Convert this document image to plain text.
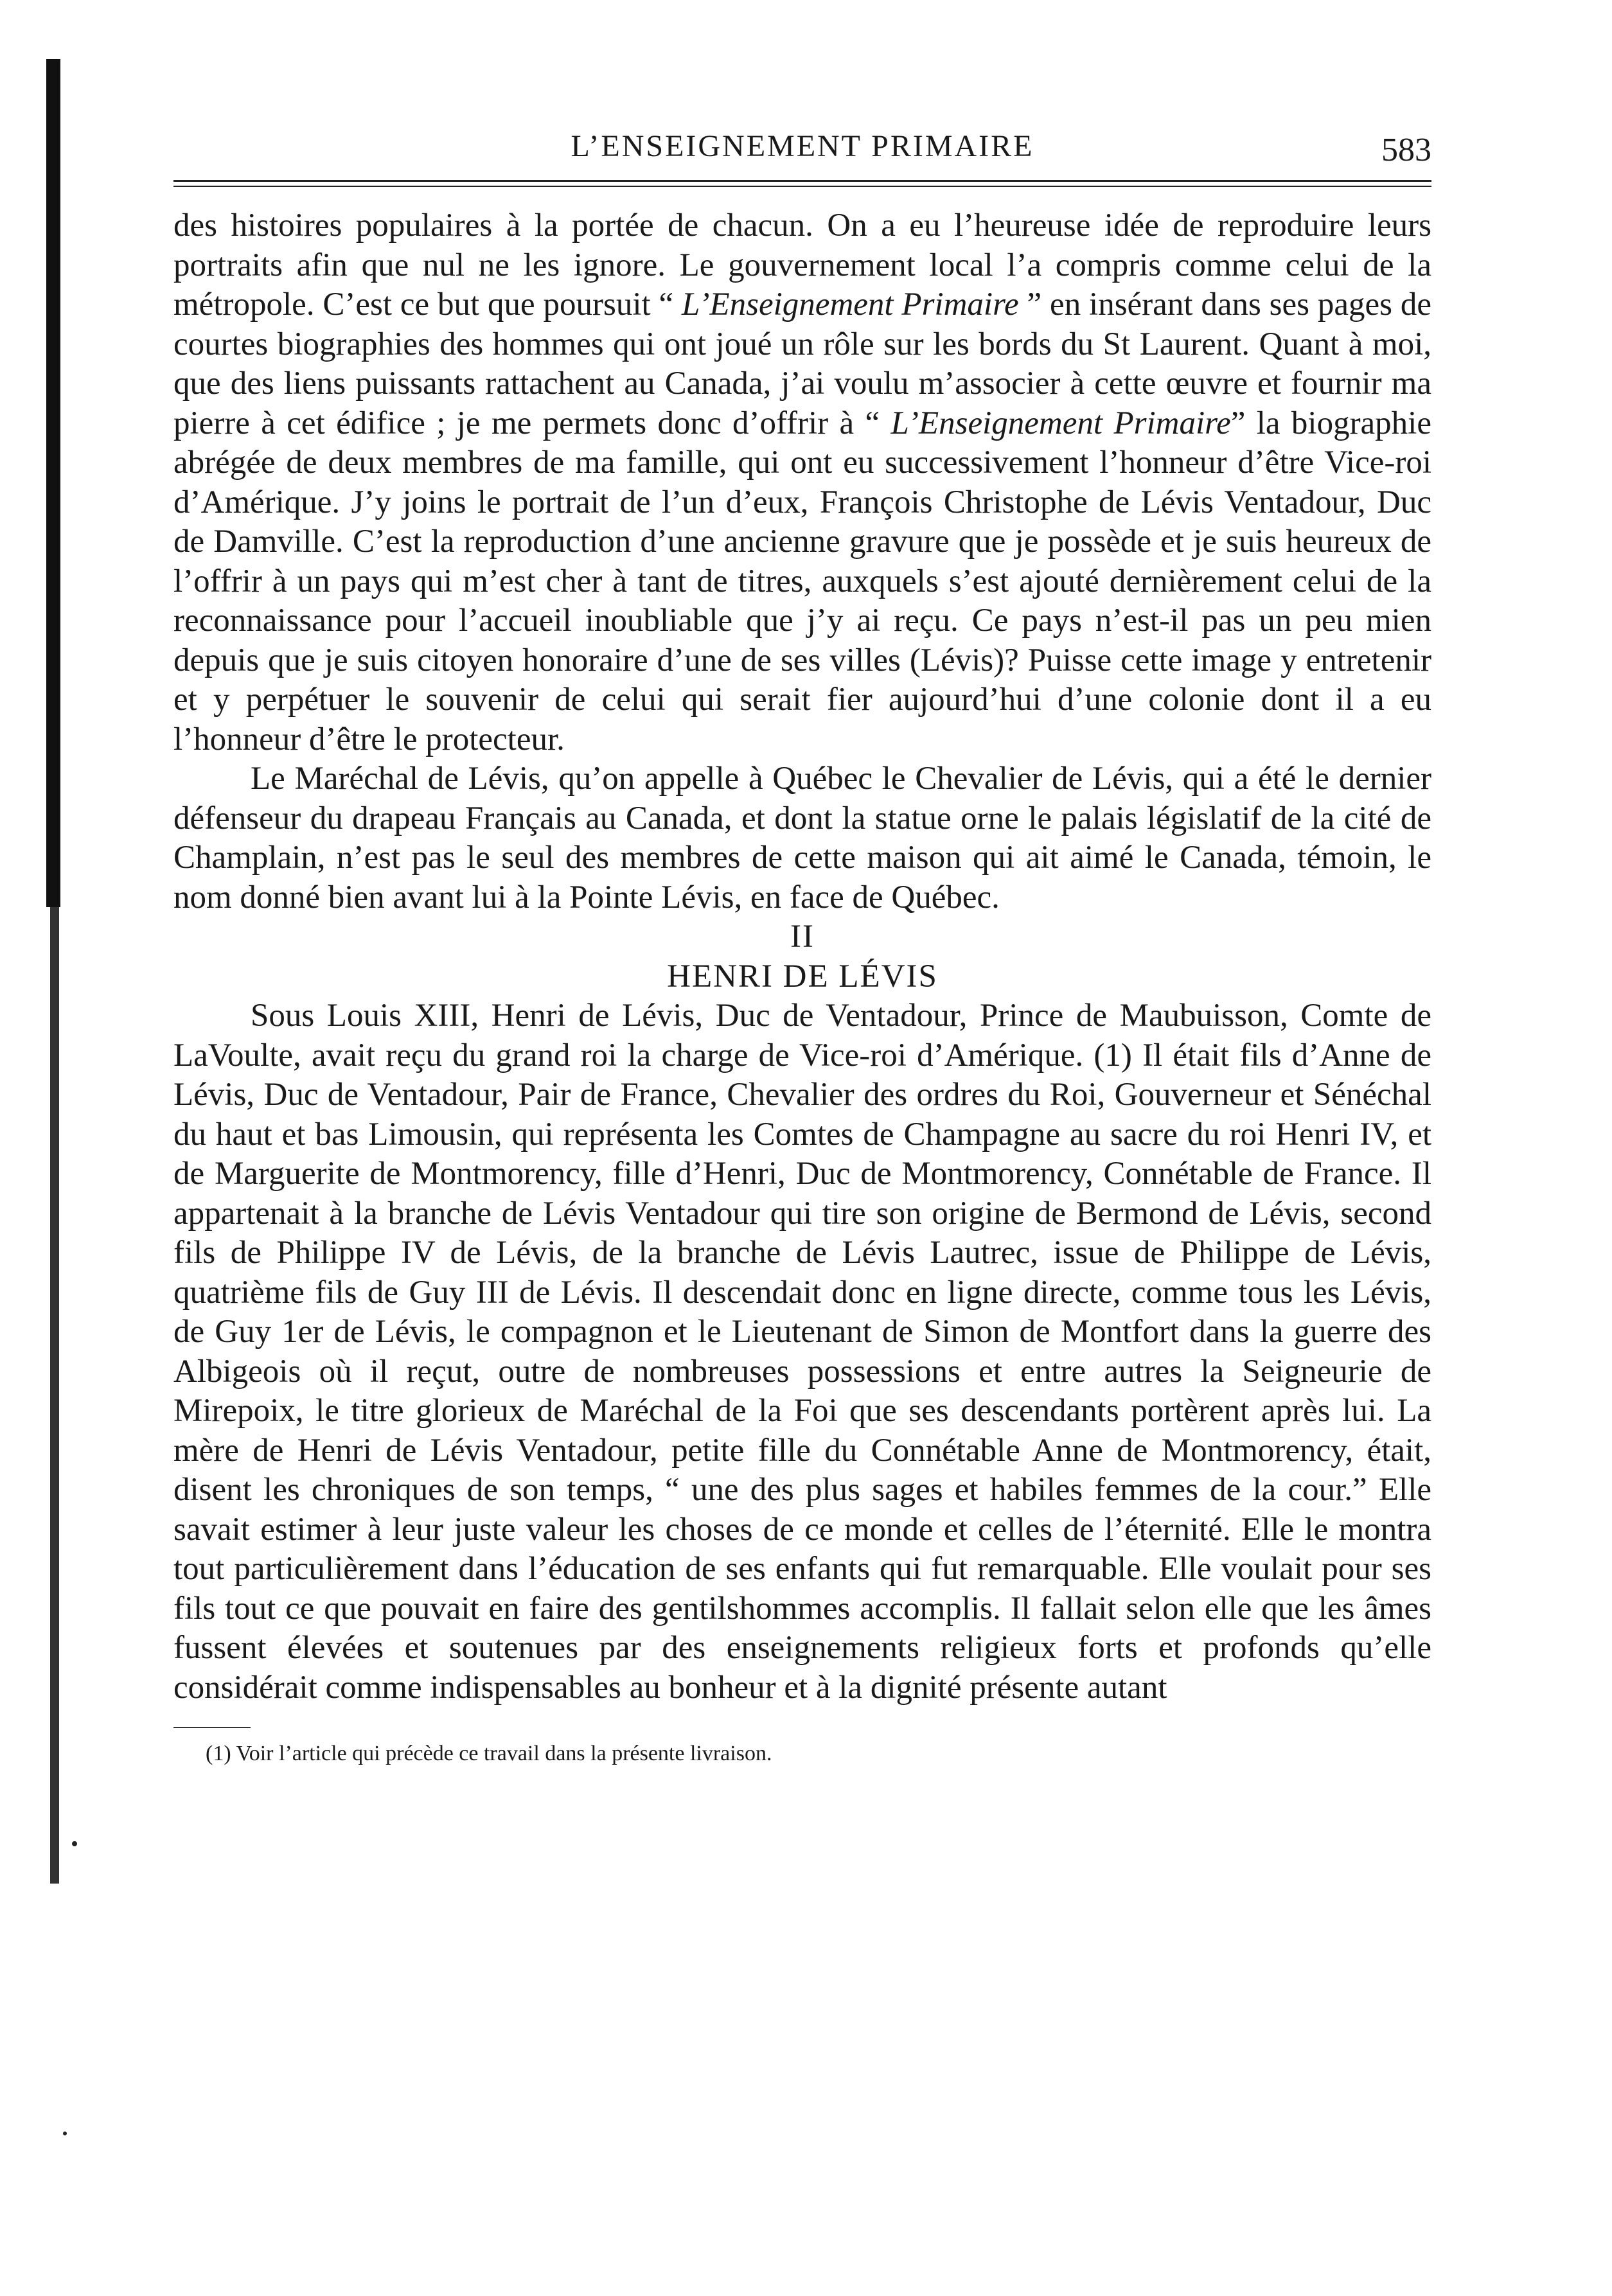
L’ENSEIGNEMENT PRIMAIRE	583

des histoires populaires à la portée de chacun. On a eu l’heureuse idée de reproduire leurs portraits afin que nul ne les ignore. Le gouvernement local l’a compris comme celui de la métropole. C’est ce but que poursuit “ L’Enseignement Primaire ” en insérant dans ses pages de courtes biographies des hommes qui ont joué un rôle sur les bords du St Laurent. Quant à moi, que des liens puissants rattachent au Canada, j’ai voulu m’associer à cette œuvre et fournir ma pierre à cet édifice ; je me permets donc d’offrir à “ L’Enseignement Primaire” la biographie abrégée de deux membres de ma famille, qui ont eu successivement l’honneur d’être Vice-roi d’Amérique. J’y joins le portrait de l’un d’eux, François Christophe de Lévis Ventadour, Duc de Damville. C’est la reproduction d’une ancienne gravure que je possède et je suis heureux de l’offrir à un pays qui m’est cher à tant de titres, auxquels s’est ajouté dernièrement celui de la reconnaissance pour l’accueil inoubliable que j’y ai reçu. Ce pays n’est-il pas un peu mien depuis que je suis citoyen honoraire d’une de ses villes (Lévis)? Puisse cette image y entretenir et y perpétuer le souvenir de celui qui serait fier aujourd’hui d’une colonie dont il a eu l’honneur d’être le protecteur.

Le Maréchal de Lévis, qu’on appelle à Québec le Chevalier de Lévis, qui a été le dernier défenseur du drapeau Français au Canada, et dont la statue orne le palais législatif de la cité de Champlain, n’est pas le seul des membres de cette maison qui ait aimé le Canada, témoin, le nom donné bien avant lui à la Pointe Lévis, en face de Québec.

II

HENRI DE LÉVIS

Sous Louis XIII, Henri de Lévis, Duc de Ventadour, Prince de Maubuisson, Comte de LaVoulte, avait reçu du grand roi la charge de Vice-roi d’Amérique. (1) Il était fils d’Anne de Lévis, Duc de Ventadour, Pair de France, Chevalier des ordres du Roi, Gouverneur et Sénéchal du haut et bas Limousin, qui représenta les Comtes de Champagne au sacre du roi Henri IV, et de Marguerite de Montmorency, fille d’Henri, Duc de Montmorency, Connétable de France. Il appartenait à la branche de Lévis Ventadour qui tire son origine de Bermond de Lévis, second fils de Philippe IV de Lévis, de la branche de Lévis Lautrec, issue de Philippe de Lévis, quatrième fils de Guy III de Lévis. Il descendait donc en ligne directe, comme tous les Lévis, de Guy 1er de Lévis, le compagnon et le Lieutenant de Simon de Montfort dans la guerre des Albigeois où il reçut, outre de nombreuses possessions et entre autres la Seigneurie de Mirepoix, le titre glorieux de Maréchal de la Foi que ses descendants portèrent après lui. La mère de Henri de Lévis Ventadour, petite fille du Connétable Anne de Montmorency, était, disent les chroniques de son temps, “ une des plus sages et habiles femmes de la cour.” Elle savait estimer à leur juste valeur les choses de ce monde et celles de l’éternité. Elle le montra tout particulièrement dans l’éducation de ses enfants qui fut remarquable. Elle voulait pour ses fils tout ce que pouvait en faire des gentilshommes accomplis. Il fallait selon elle que les âmes fussent élevées et soutenues par des enseignements religieux forts et profonds qu’elle considérait comme indispensables au bonheur et à la dignité présente autant

(1) Voir l’article qui précède ce travail dans la présente livraison.
